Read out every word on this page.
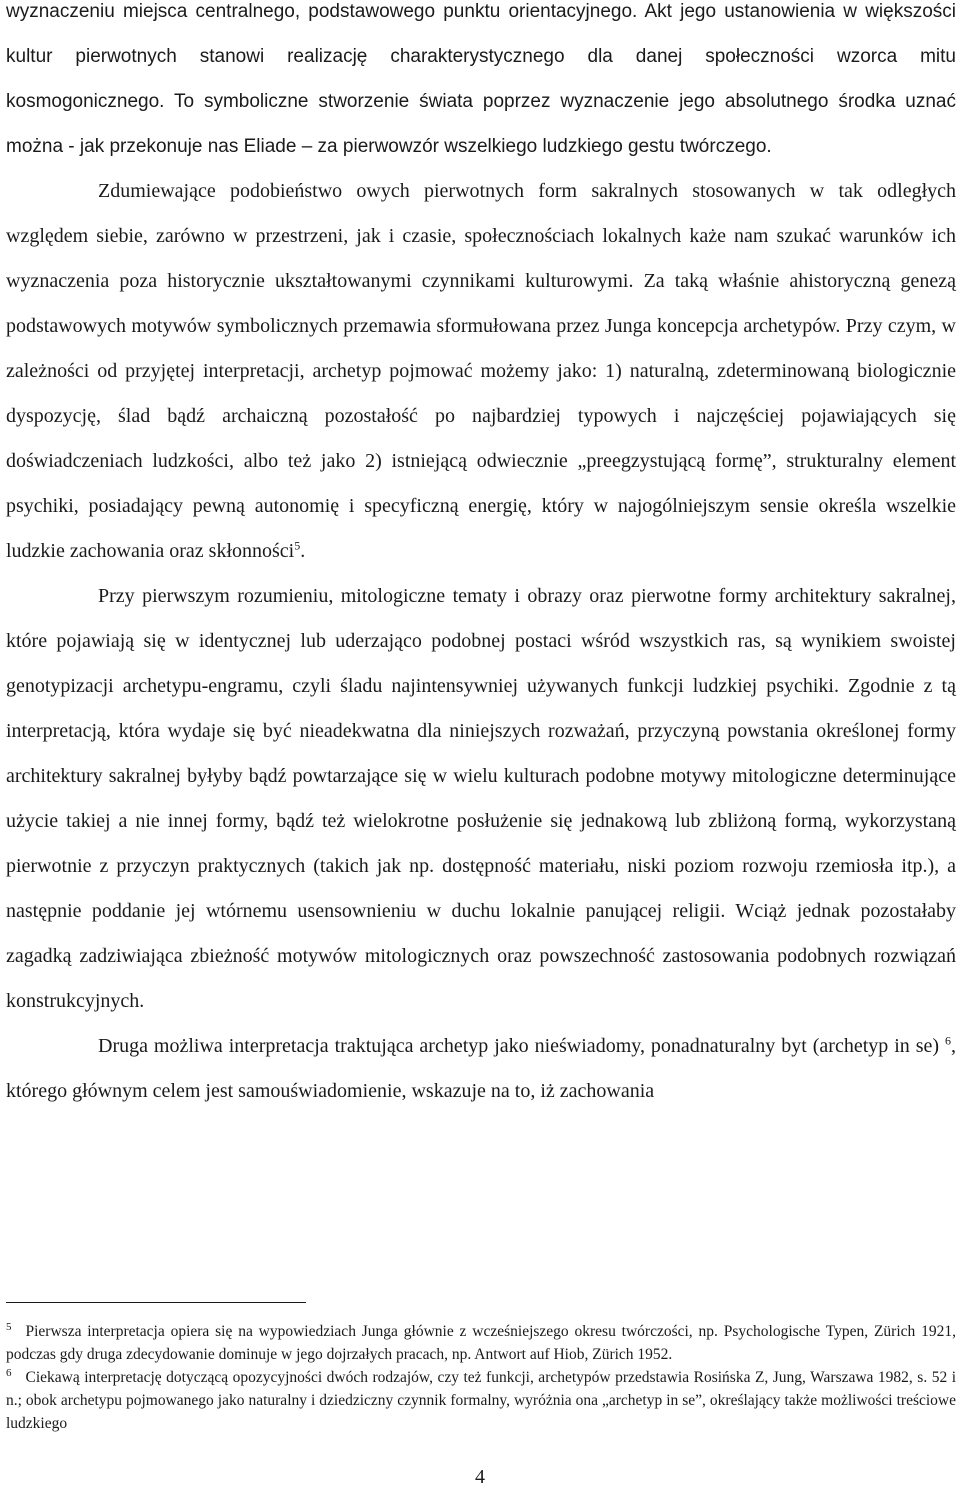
wyznaczeniu miejsca centralnego, podstawowego punktu orientacyjnego. Akt jego ustanowienia w większości kultur pierwotnych stanowi realizację charakterystycznego dla danej społeczności wzorca mitu kosmogonicznego. To symboliczne stworzenie świata poprzez wyznaczenie jego absolutnego środka uznać można - jak przekonuje nas Eliade – za pierwowzór wszelkiego ludzkiego gestu twórczego.

Zdumiewające podobieństwo owych pierwotnych form sakralnych stosowanych w tak odległych względem siebie, zarówno w przestrzeni, jak i czasie, społecznościach lokalnych każe nam szukać warunków ich wyznaczenia poza historycznie ukształtowanymi czynnikami kulturowymi. Za taką właśnie ahistoryczną genezą podstawowych motywów symbolicznych przemawia sformułowana przez Junga koncepcja archetypów. Przy czym, w zależności od przyjętej interpretacji, archetyp pojmować możemy jako: 1) naturalną, zdeterminowaną biologicznie dyspozycję, ślad bądź archaiczną pozostałość po najbardziej typowych i najczęściej pojawiających się doświadczeniach ludzkości, albo też jako 2) istniejącą odwiecznie „preegzystującą formę”, strukturalny element psychiki, posiadający pewną autonomię i specyficzną energię, który w najogólniejszym sensie określa wszelkie ludzkie zachowania oraz skłonności$^5$.

Przy pierwszym rozumieniu, mitologiczne tematy i obrazy oraz pierwotne formy architektury sakralnej, które pojawiają się w identycznej lub uderzająco podobnej postaci wśród wszystkich ras, są wynikiem swoistej genotypizacji archetypu-engramu, czyli śladu najintensywniej używanych funkcji ludzkiej psychiki. Zgodnie z tą interpretacją, która wydaje się być nieadekwatna dla niniejszych rozważań, przyczyną powstania określonej formy architektury sakralnej byłyby bądź powtarzające się w wielu kulturach podobne motywy mitologiczne determinujące użycie takiej a nie innej formy, bądź też wielokrotne posłużenie się jednakową lub zbliżoną formą, wykorzystaną pierwotnie z przyczyn praktycznych (takich jak np. dostępność materiału, niski poziom rozwoju rzemiosła itp.), a następnie poddanie jej wtórnemu usensownieniu w duchu lokalnie panującej religii. Wciąż jednak pozostałaby zagadką zadziwiająca zbieżność motywów mitologicznych oraz powszechność zastosowania podobnych rozwiązań konstrukcyjnych.

Druga możliwa interpretacja traktująca archetyp jako nieświadomy, ponadnaturalny byt (archetyp in se) $^6$, którego głównym celem jest samouświadomienie, wskazuje na to, iż zachowania

$^5$ Pierwsza interpretacja opiera się na wypowiedziach Junga głównie z wcześniejszego okresu twórczości, np. Psychologische Typen, Zürich 1921, podczas gdy druga zdecydowanie dominuje w jego dojrzałych pracach, np. Antwort auf Hiob, Zürich 1952.

$^6$ Ciekawą interpretację dotyczącą opozycyjności dwóch rodzajów, czy też funkcji, archetypów przedstawia Rosińska Z, Jung, Warszawa 1982, s. 52 i n.; obok archetypu pojmowanego jako naturalny i dziedziczny czynnik formalny, wyróżnia ona „archetyp in se”, określający także możliwości treściowe ludzkiego

4
